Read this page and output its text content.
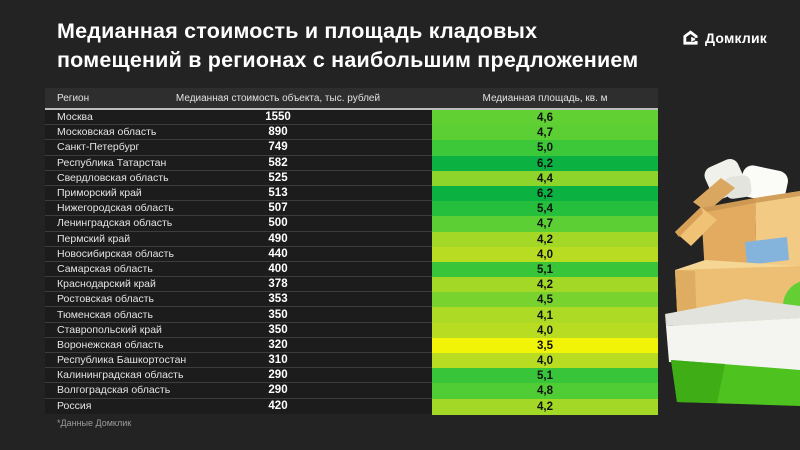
Медианная стоимость и площадь кладовых
помещений в регионах с наибольшим предложением
Домклик
Регион	Медианная стоимость объекта, тыс. рублей	Медианная площадь, кв. м
Москва	1550	4,6
Московская область	890	4,7
Санкт-Петербург	749	5,0
Республика Татарстан	582	6,2
Свердловская область	525	4,4
Приморский край	513	6,2
Нижегородская область	507	5,4
Ленинградская область	500	4,7
Пермский край	490	4,2
Новосибирская область	440	4,0
Самарская область	400	5,1
Краснодарский край	378	4,2
Ростовская область	353	4,5
Тюменская область	350	4,1
Ставропольский край	350	4,0
Воронежская область	320	3,5
Республика Башкортостан	310	4,0
Калининградская область	290	5,1
Волгоградская область	290	4,8
Россия	420	4,2
*Данные Домклик
